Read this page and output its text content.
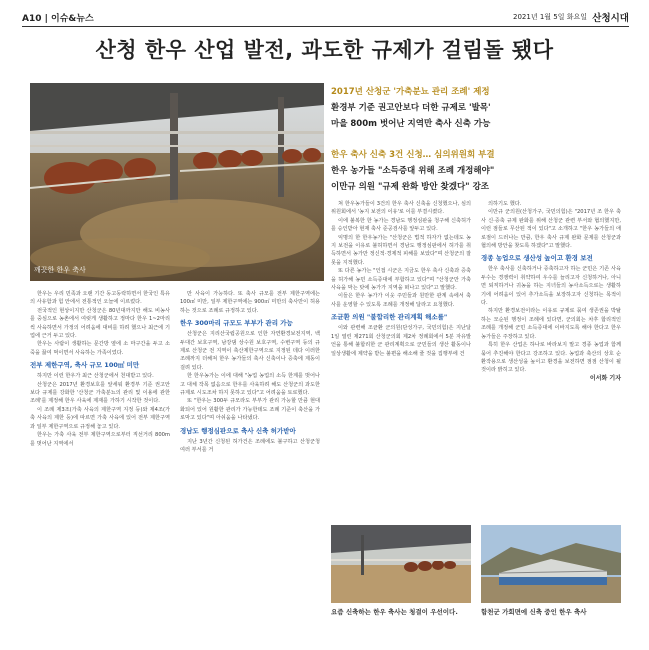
A10 | 이슈&뉴스	2021년 1월 5일 화요일 산청시대
산청 한우 산업 발전, 과도한 규제가 걸림돌 됐다
깨끗한 한우 축사
2017년 산청군 '가축분뇨 관리 조례' 제정
환경부 기준 권고안보다 더한 규제로 '발목'
마을 800m 벗어난 지역만 축사 신축 가능
한우 축사 신축 3건 신청… 심의위원회 부결
한우 농가들 "소득증대 위해 조례 개정해야"
이만규 의원 "규제 완화 방안 찾겠다" 강조

한우는 우리 민족과 오랜 기간 동고동락하면서 한국인 특유의 사유함과 힘 안에서 전통적인 오늘에 이르렀다.

전국적인 현상이지만 산청군은 80년대까지만 해도 비농사를 중심으로 농촌에서 여럿게 생활하고 정마다 한우 1~2마리씩 사육하면서 가정의 어려움에 대비를 하려 했으나 최근에 기업에 근거 두고 있다.

한우는 사람이 생활하는 문간방 옆에 소 마구간을 두고 소죽을 끓여 먹이면서 사육하는 가족이었다.

전부 제한구역, 축사 규모 100㎡ 미만

하지만 이런 한우가 최근 산청군에서 천대받고 있다.

산청군은 2017년 환경보호를 앞세워 환경부 기준 권고안보다 규제를 강화한 '산청군 가축분뇨의 관리 및 이용에 관한 조례'를 제정해 한우 사육에 제재를 가하기 시작한 것이다.

이 조례 제3조(가축 사육의 제한구역 지정 등)와 제4조(가축 사육의 제한 등)에 따르면 가축 사육에 있어 전부 제한구역과 일부 제한구역으로 규정해 놓고 있다.

한우는 가축 사육 전부 제한구역으로부터 직선거리 800m를 벗어난 지역에서

만 사육이 가능하다. 또 축사 규모를 전부 제한구역에는 100㎡ 미만, 일부 제한구역에는 900㎡ 미만의 축사만이 허용하는 것으로 조례로 규정하고 있다.

한우 300마리 규모도 부부가 관리 가능

산청군은 지리산국립공원으로 인한 자연환경보전지역, 백두대간 보호구역, 남강댐 상수원 보호구역, 수변구역 등의 규제로 산청군 전 지역이 축산제한구역으로 지정된 데다 이러한 조례까지 더해져 한우 농가들의 축사 신축이나 증축에 제동이 걸려 있다.

한 한우농가는 이에 대해 "농업 농업의 소득 한계를 벗어나고 대체 작목 없음으로 한우를 사육하려 해도 산청군의 과도한 규제로 시도조차 하지 못하고 있다"고 어려움을 토로했다.

또 "한우는 300두 규모라도 부부가 관리 가능할 만큼 현대화되어 있어 원활한 관리가 가능한데도 조례 기준이 축산을 가로막고 있다"며 아쉬움을 나타냈다.

경남도 행정심판으로 축사 신축 허가받아

지난 3년간 신청된 허가건은 조례에도 불구하고 산청군청 여러 부서를 거

쳐 한우농가들이 3건의 한우 축사 신축을 신청했으나, 심의위원회에서 '농지 보전의 이유'로 이를 부결시켰다.

이에 불복한 한 농가는 경남도 행정심판을 청구해 신축허가를 승인받아 현재 축사 준공검사를 앞두고 있다.

익명의 한 한우농가는 "산청군은 법적 하자가 없는데도 농지 보전을 이유로 불허하면서 경남도 행정심판에서 허가를 취득하면서 농가만 정신적·경제적 피해를 보았다"며 산청군의 잘못을 지적했다.

또 다른 농가는 "인접 시군은 지금도 한우 축사 신축과 증축을 허가해 농민 소득증대에 부합하고 있다"며 "산청군만 가축 사육을 막는 탓에 농가가 지역을 떠나고 있다"고 말했다.

이들은 한우 농가가 이웃 주민들과 원만한 관계 속에서 축사를 운영할 수 있도록 조례를 개정해 달라고 요청했다.

조균환 의원 "불합리한 관리계획 해소를"

이와 관련해 조균환 군의원(단성가구, 국민의힘)은 지난달 1일 열린 제271회 산청군의회 제2차 정례회에서 5분 자유발언을 통해 불합리한 군 관리계획으로 군민들의 생산 활동이나 일상생활에 제약을 받는 불편을 해소해 줄 것을 집행부에 건

의하기도 했다.

이만규 군의원(산청가구, 국민의힘)은 "2017년 조 한우 축사 신·증축 규제 완화를 위해 산청군 관련 부서와 협의했지만, 이런 점들로 무산된 적이 있다"고 소개하고 "한우 농가들의 애로점이 드러나는 만큼, 한우 축사 규제 완화 문제를 산청군과 협의해 방안을 찾도록 하겠다"고 말했다.

경종 농업으로 생산성 높이고 환경 보전

한우 축사를 신축하거나 증축하고자 하는 군민은 기존 사육두수는 경쟁력이 취약하여 우수를 늘리고자 신청하거나, 아니면 퇴직하거나 귀농을 하는 지녀들의 농사소득으로는 생활하기에 어려움이 있어 추가소득을 보장하고자 신청하는 목적이다.

하지만 환경보전이라는 이유로 규제로 묶여 생존권을 박탈하는 모순된 행정이 조례에 있다면, 군의회는 차후 합리적인 조례를 개정해 군민 소득증대에 이바지도록 해야 한다고 한우농가들은 주장하고 있다.

특히 한우 산업은 하나로 바라보지 말고 경종 농업과 함께 묶어 추진해야 한다고 강조하고 있다. 농업과 축산의 상호 순환작용으로 생산성을 높이고 환경을 보전하면 점점 산청이 될 것이라 밝히고 있다.

이서화 기자

요즘 신축하는 한우 축사는 청결이 우선이다.	함천군 가회면에 신축 중인 한우 축사
